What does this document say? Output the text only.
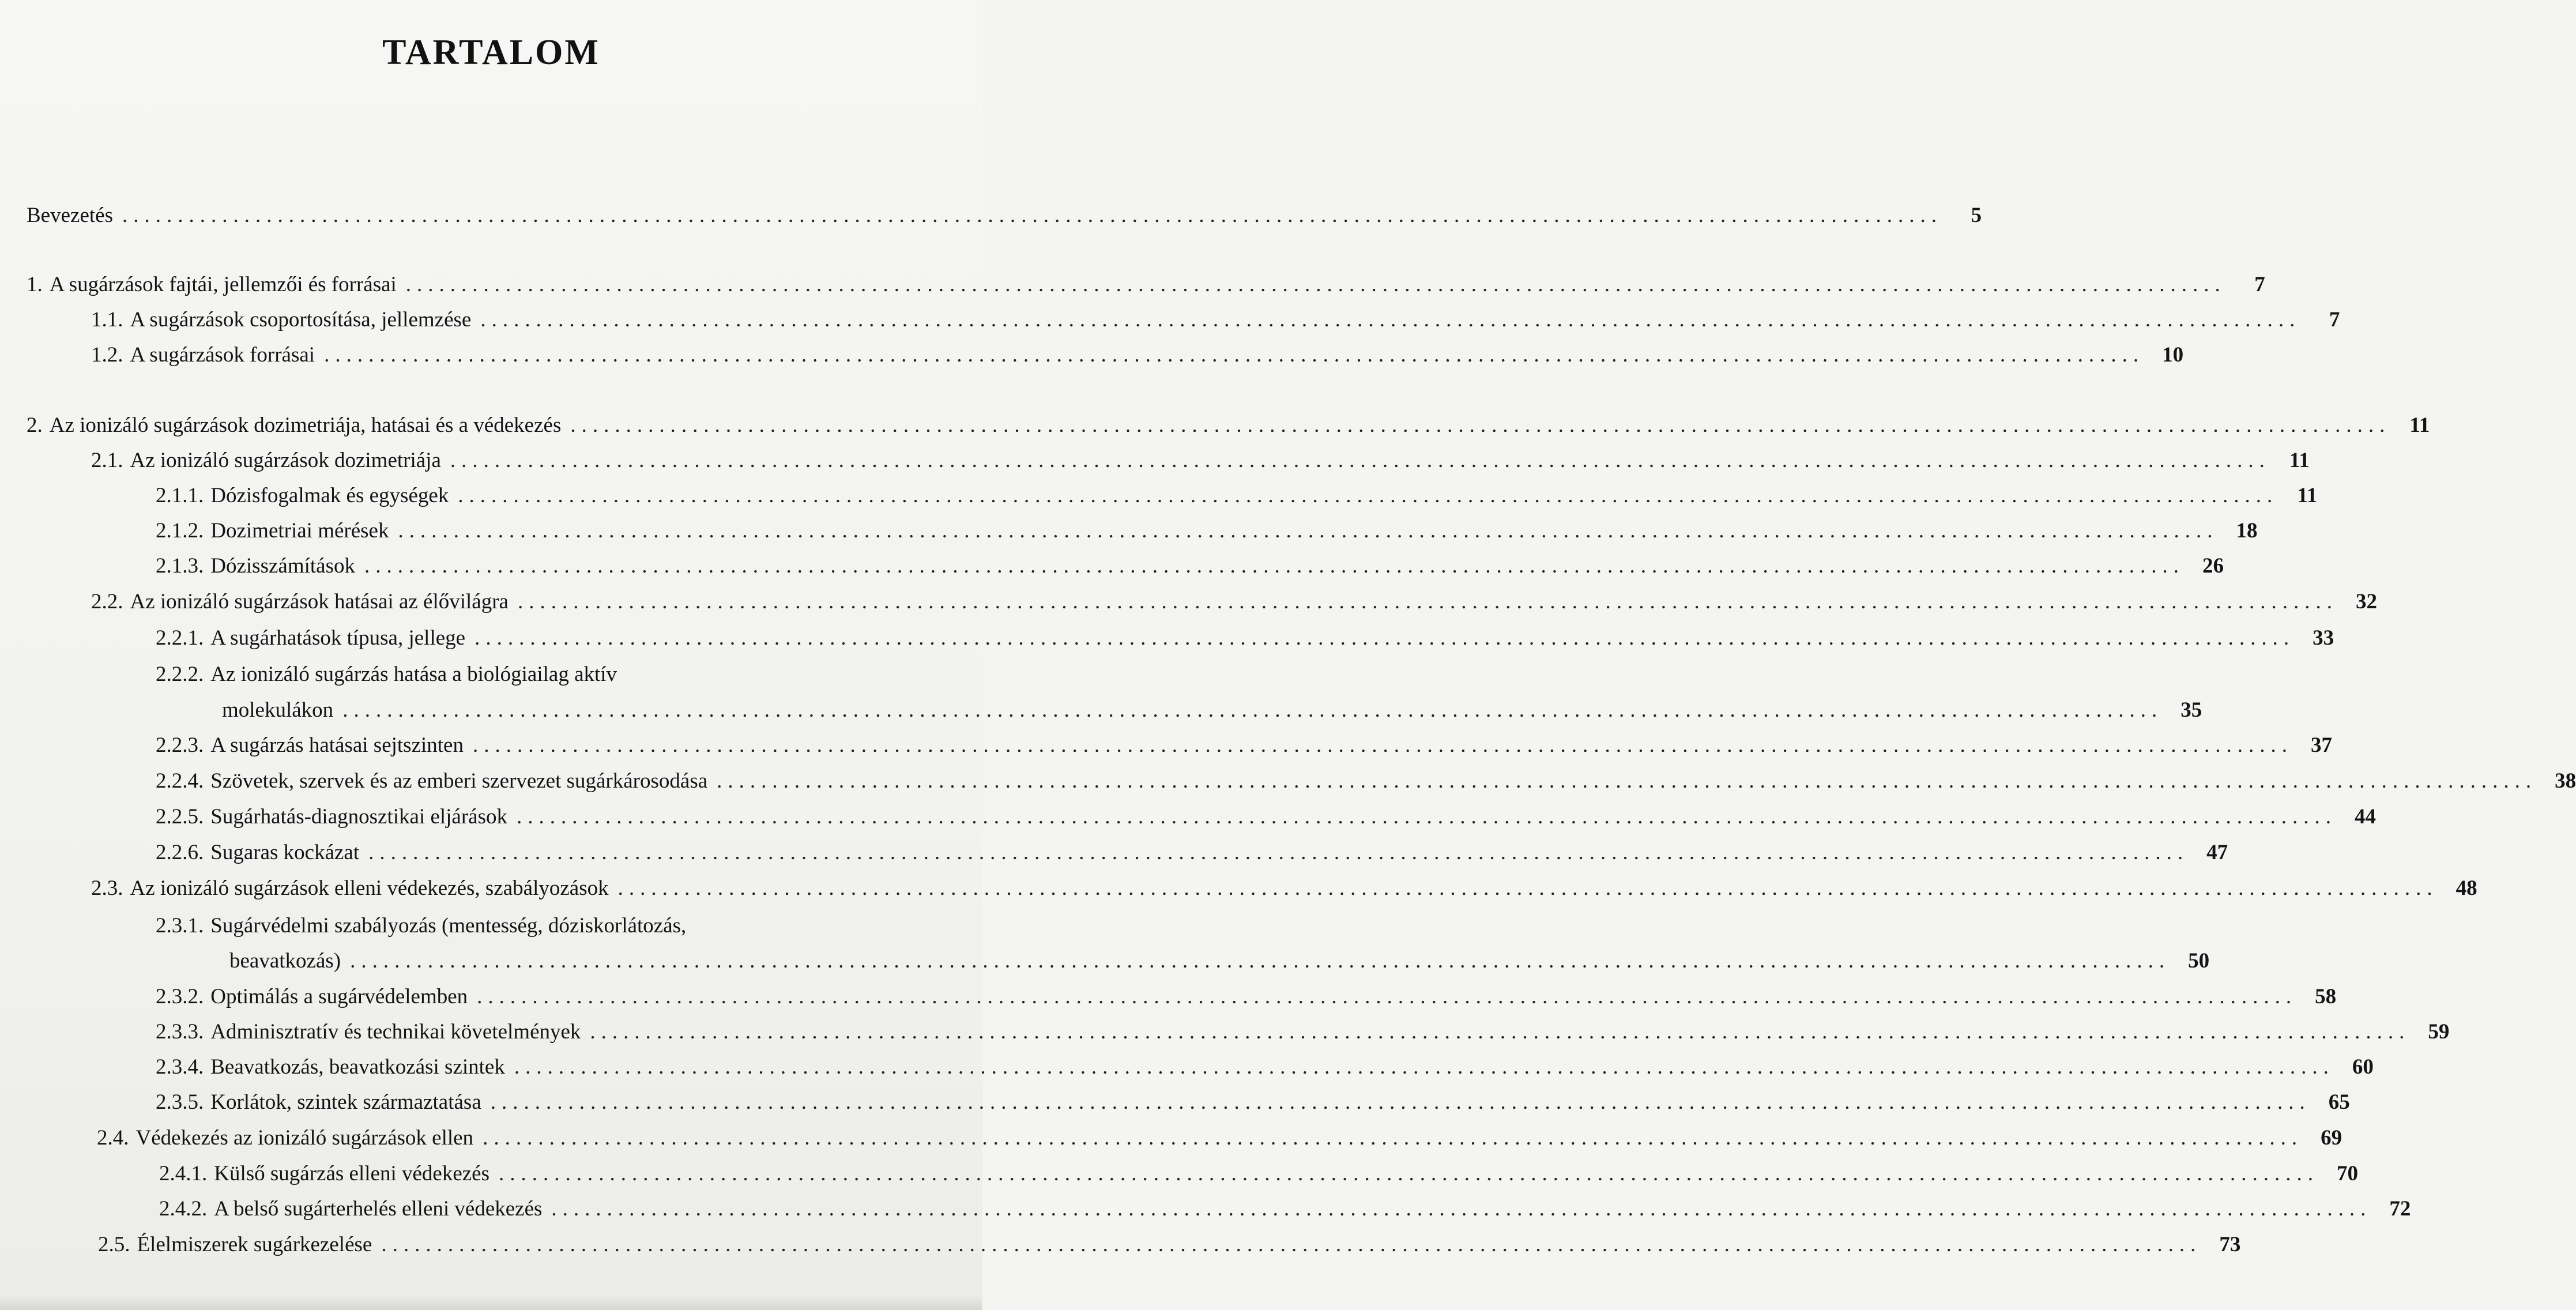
TARTALOM
Bevezetés ....................................................................................................................................................................	5
1. A sugárzások fajtái, jellemzői és forrásai ....................................................................................................................................................................	7
1.1. A sugárzások csoportosítása, jellemzése ....................................................................................................................................................................	7
1.2. A sugárzások forrásai .................................................................................................................................................................... 10
2. Az ionizáló sugárzások dozimetriája, hatásai és a védekezés .................................................................................................................................................................... 11
2.1. Az ionizáló sugárzások dozimetriája .................................................................................................................................................................... 11
2.1.1. Dózisfogalmak és egységek .................................................................................................................................................................... 11
2.1.2. Dozimetriai mérések .................................................................................................................................................................... 18
2.1.3. Dózisszámítások .................................................................................................................................................................... 26
2.2. Az ionizáló sugárzások hatásai az élővilágra .................................................................................................................................................................... 32
2.2.1. A sugárhatások típusa, jellege .................................................................................................................................................................... 33
2.2.2. Az ionizáló sugárzás hatása a biológiailag aktív
molekulákon .................................................................................................................................................................... 35
2.2.3. A sugárzás hatásai sejtszinten .................................................................................................................................................................... 37
2.2.4. Szövetek, szervek és az emberi szervezet sugárkárosodása .................................................................................................................................................................... 38
2.2.5. Sugárhatás-diagnosztikai eljárások .................................................................................................................................................................... 44
2.2.6. Sugaras kockázat .................................................................................................................................................................... 47
2.3. Az ionizáló sugárzások elleni védekezés, szabályozások .................................................................................................................................................................... 48
2.3.1. Sugárvédelmi szabályozás (mentesség, dóziskorlátozás,
beavatkozás) .................................................................................................................................................................... 50
2.3.2. Optimálás a sugárvédelemben .................................................................................................................................................................... 58
2.3.3. Adminisztratív és technikai követelmények .................................................................................................................................................................... 59
2.3.4. Beavatkozás, beavatkozási szintek .................................................................................................................................................................... 60
2.3.5. Korlátok, szintek származtatása .................................................................................................................................................................... 65
2.4. Védekezés az ionizáló sugárzások ellen .................................................................................................................................................................... 69
2.4.1. Külső sugárzás elleni védekezés .................................................................................................................................................................... 70
2.4.2. A belső sugárterhelés elleni védekezés .................................................................................................................................................................... 72
2.5. Élelmiszerek sugárkezelése .................................................................................................................................................................... 73
